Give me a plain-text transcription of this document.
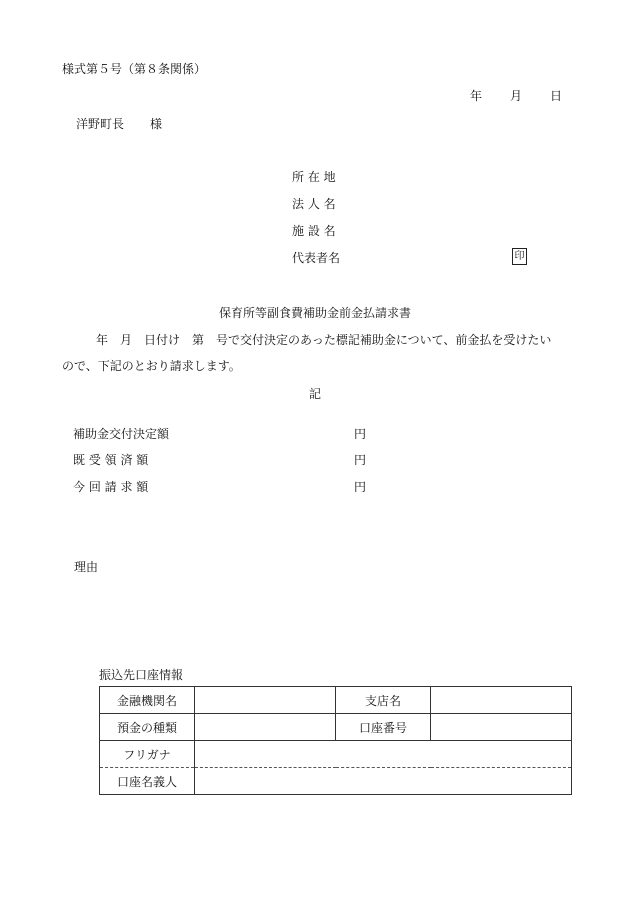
様式第５号（第８条関係）
年 月 日
洋野町長 様
所 在 地
法 人 名
施 設 名
代表者名	印
保育所等副食費補助金前金払請求書
年　月　日付け　第　号で交付決定のあった標記補助金について、前金払を受けたい
ので、下記のとおり請求します。
記
補助金交付決定額	円
既 受 領 済 額	円
今 回 請 求 額	円
理由
振込先口座情報
金融機関名		支店名	
預金の種類		口座番号	
フリガナ			
口座名義人			
